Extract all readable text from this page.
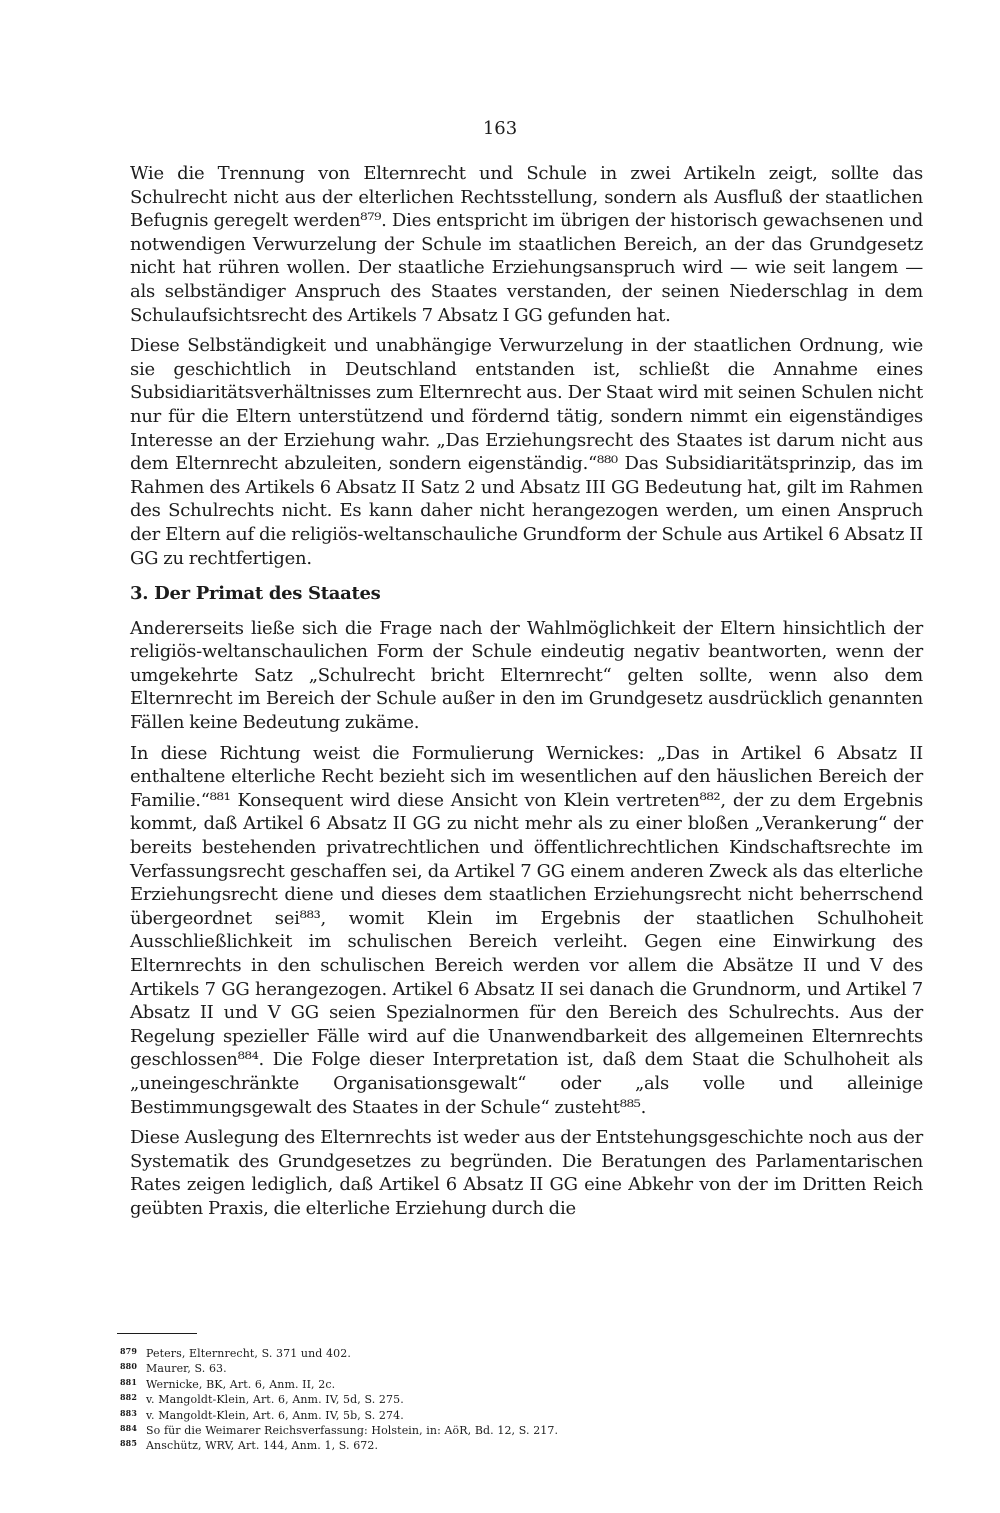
163

Wie die Trennung von Elternrecht und Schule in zwei Artikeln zeigt, sollte das Schulrecht nicht aus der elterlichen Rechtsstellung, sondern als Ausfluß der staatlichen Befugnis geregelt werden⁸⁷⁹. Dies entspricht im übrigen der historisch gewachsenen und notwendigen Verwurzelung der Schule im staatlichen Bereich, an der das Grundgesetz nicht hat rühren wollen. Der staatliche Erziehungsanspruch wird — wie seit langem — als selbständiger Anspruch des Staates verstanden, der seinen Niederschlag in dem Schulaufsichtsrecht des Artikels 7 Absatz I GG gefunden hat.

Diese Selbständigkeit und unabhängige Verwurzelung in der staatlichen Ordnung, wie sie geschichtlich in Deutschland entstanden ist, schließt die Annahme eines Subsidiaritätsverhältnisses zum Elternrecht aus. Der Staat wird mit seinen Schulen nicht nur für die Eltern unterstützend und fördernd tätig, sondern nimmt ein eigenständiges Interesse an der Erziehung wahr. „Das Erziehungsrecht des Staates ist darum nicht aus dem Elternrecht abzuleiten, sondern eigenständig.“⁸⁸⁰ Das Subsidiaritätsprinzip, das im Rahmen des Artikels 6 Absatz II Satz 2 und Absatz III GG Bedeutung hat, gilt im Rahmen des Schulrechts nicht. Es kann daher nicht herangezogen werden, um einen Anspruch der Eltern auf die religiös-weltanschauliche Grundform der Schule aus Artikel 6 Absatz II GG zu rechtfertigen.

3. Der Primat des Staates

Andererseits ließe sich die Frage nach der Wahlmöglichkeit der Eltern hinsichtlich der religiös-weltanschaulichen Form der Schule eindeutig negativ beantworten, wenn der umgekehrte Satz „Schulrecht bricht Elternrecht“ gelten sollte, wenn also dem Elternrecht im Bereich der Schule außer in den im Grundgesetz ausdrücklich genannten Fällen keine Bedeutung zukäme.

In diese Richtung weist die Formulierung Wernickes: „Das in Artikel 6 Absatz II enthaltene elterliche Recht bezieht sich im wesentlichen auf den häuslichen Bereich der Familie.“⁸⁸¹ Konsequent wird diese Ansicht von Klein vertreten⁸⁸², der zu dem Ergebnis kommt, daß Artikel 6 Absatz II GG zu nicht mehr als zu einer bloßen „Verankerung“ der bereits bestehenden privatrechtlichen und öffentlichrechtlichen Kindschaftsrechte im Verfassungsrecht geschaffen sei, da Artikel 7 GG einem anderen Zweck als das elterliche Erziehungsrecht diene und dieses dem staatlichen Erziehungsrecht nicht beherrschend übergeordnet sei⁸⁸³, womit Klein im Ergebnis der staatlichen Schulhoheit Ausschließlichkeit im schulischen Bereich verleiht. Gegen eine Einwirkung des Elternrechts in den schulischen Bereich werden vor allem die Absätze II und V des Artikels 7 GG herangezogen. Artikel 6 Absatz II sei danach die Grundnorm, und Artikel 7 Absatz II und V GG seien Spezialnormen für den Bereich des Schulrechts. Aus der Regelung spezieller Fälle wird auf die Unanwendbarkeit des allgemeinen Elternrechts geschlossen⁸⁸⁴. Die Folge dieser Interpretation ist, daß dem Staat die Schulhoheit als „uneingeschränkte Organisationsgewalt“ oder „als volle und alleinige Bestimmungsgewalt des Staates in der Schule“ zusteht⁸⁸⁵.

Diese Auslegung des Elternrechts ist weder aus der Entstehungsgeschichte noch aus der Systematik des Grundgesetzes zu begründen. Die Beratungen des Parlamentarischen Rates zeigen lediglich, daß Artikel 6 Absatz II GG eine Abkehr von der im Dritten Reich geübten Praxis, die elterliche Erziehung durch die

879 Peters, Elternrecht, S. 371 und 402.
880 Maurer, S. 63.
881 Wernicke, BK, Art. 6, Anm. II, 2c.
882 v. Mangoldt-Klein, Art. 6, Anm. IV, 5d, S. 275.
883 v. Mangoldt-Klein, Art. 6, Anm. IV, 5b, S. 274.
884 So für die Weimarer Reichsverfassung: Holstein, in: AöR, Bd. 12, S. 217.
885 Anschütz, WRV, Art. 144, Anm. 1, S. 672.
